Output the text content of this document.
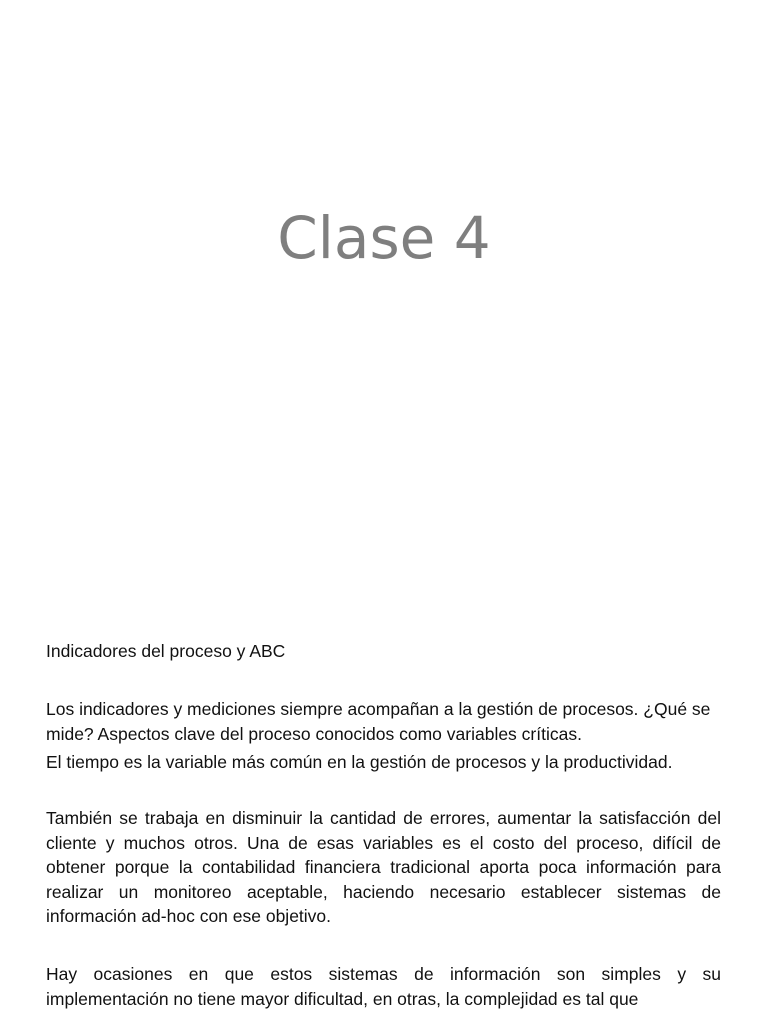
Clase 4
Indicadores del proceso y ABC

Los indicadores y mediciones siempre acompañan a la gestión de procesos. ¿Qué se mide? Aspectos clave del proceso conocidos como variables críticas.

El tiempo es la variable más común en la gestión de procesos y la productividad.

También se trabaja en disminuir la cantidad de errores, aumentar la satisfacción del cliente y muchos otros. Una de esas variables es el costo del proceso, difícil de obtener porque la contabilidad financiera tradicional aporta poca información para realizar un monitoreo aceptable, haciendo necesario establecer sistemas de información ad-hoc con ese objetivo.

Hay ocasiones en que estos sistemas de información son simples y su implementación no tiene mayor dificultad, en otras, la complejidad es tal que
